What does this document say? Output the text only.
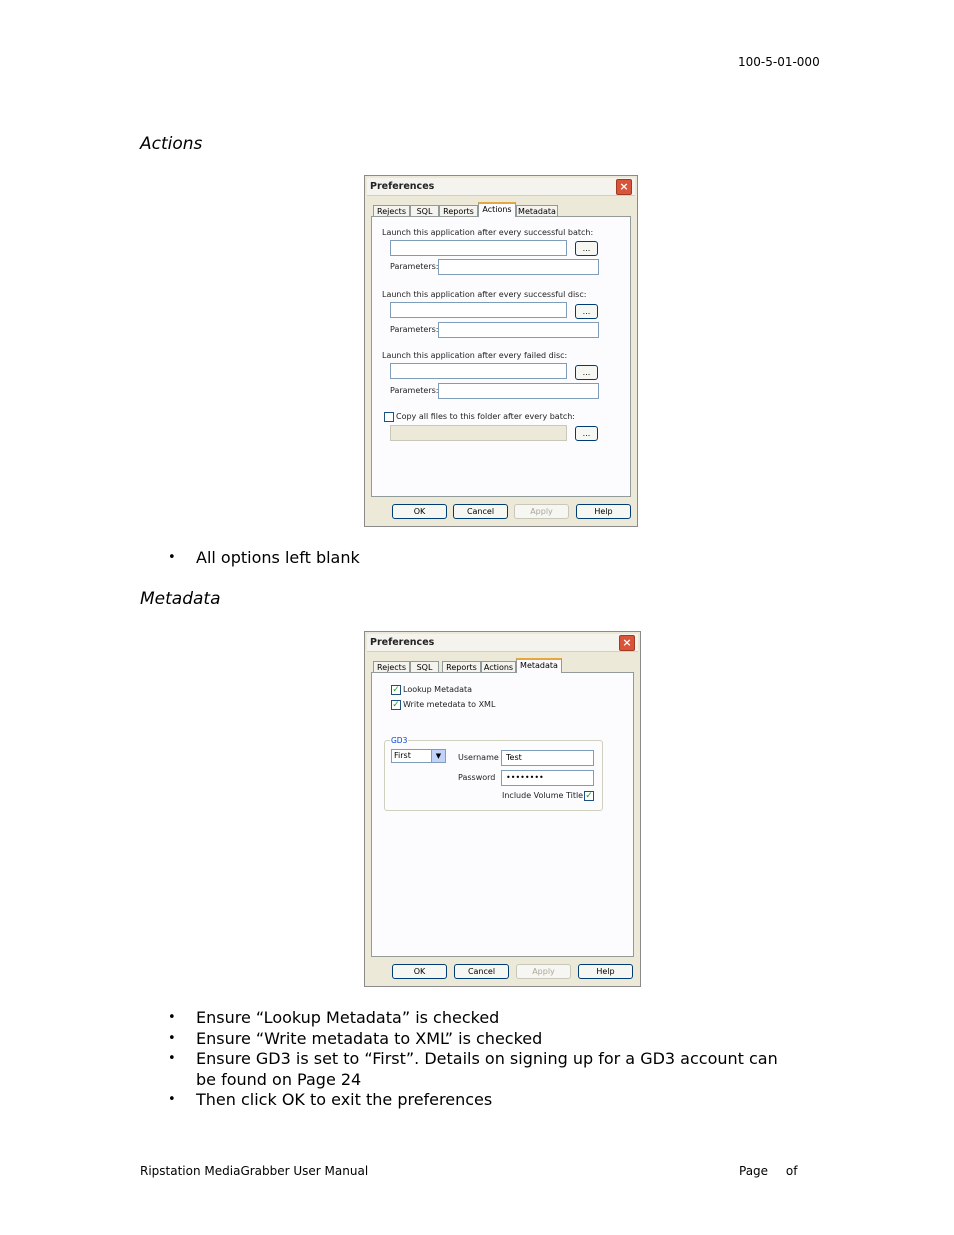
100-5-01-000
Actions
Preferences	×
Rejects	SQL	Reports	Actions Metadata
Launch this application after every successful batch:
...
Parameters:
Launch this application after every successful disc:
...
Parameters:
Launch this application after every failed disc:
...
Parameters:
Copy all files to this folder after every batch:
...
OK	Cancel	Apply	Help
• All options left blank
Metadata
Preferences	×
Rejects	SQL	Reports Actions Metadata
✓ Lookup Metadata
✓ Write metedata to XML
GD3
First	▼	Username Test
Password	••••••••
Include Volume Title ✓
OK	Cancel	Apply	Help
• Ensure “Lookup Metadata” is checked
• Ensure “Write metadata to XML” is checked
• Ensure GD3 is set to “First”. Details on signing up for a GD3 account can be found on Page 24
• Then click OK to exit the preferences
Ripstation MediaGrabber User Manual	Page of
